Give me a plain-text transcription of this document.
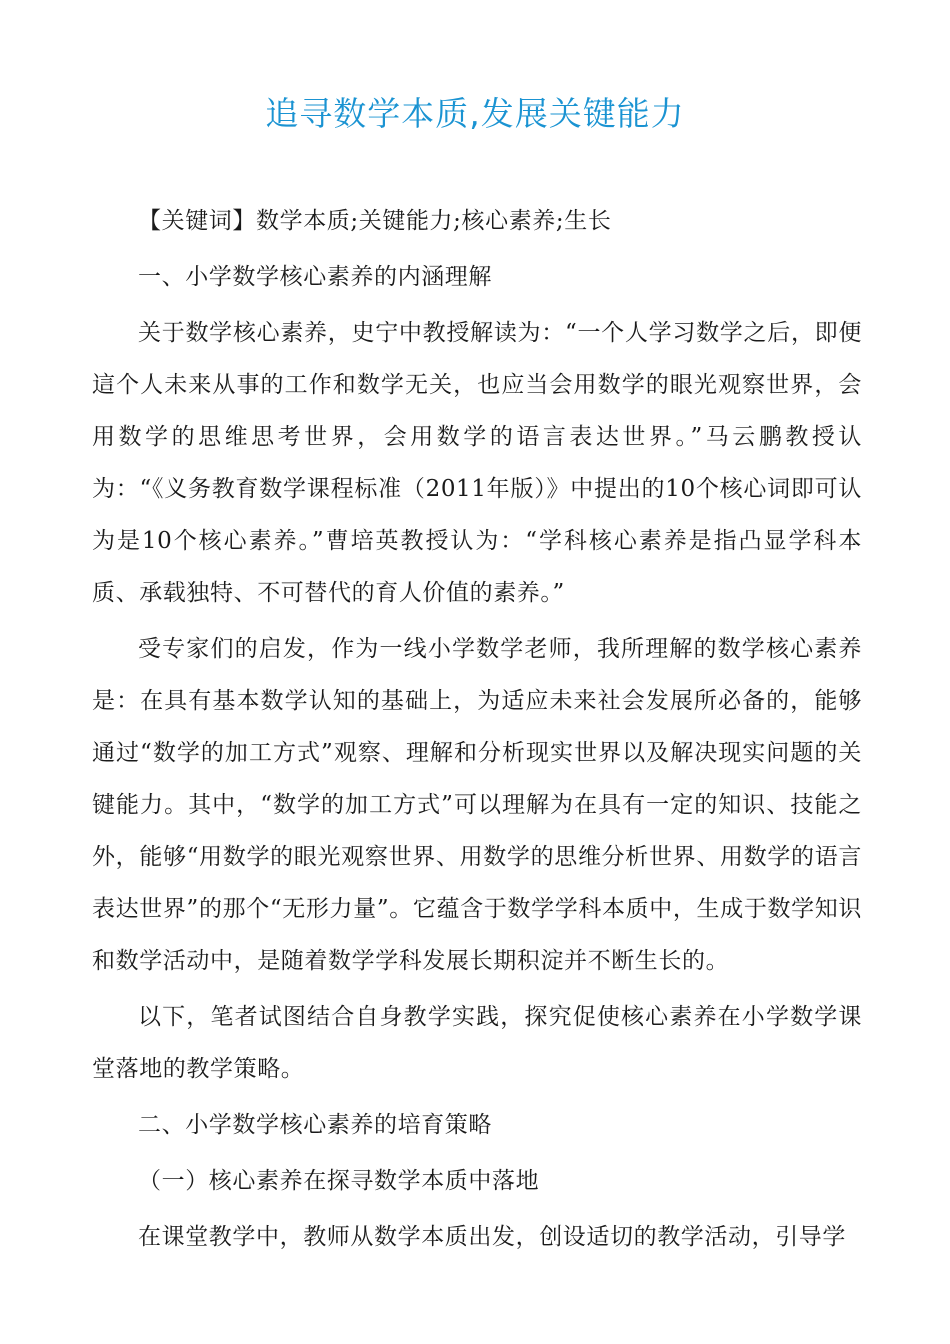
追寻数学本质,发展关键能力

【关键词】数学本质;关键能力;核心素养;生长

一、小学数学核心素养的内涵理解

关于数学核心素养，史宁中教授解读为：“一个人学习数学之后，即便這个人未来从事的工作和数学无关，也应当会用数学的眼光观察世界，会用数学的思维思考世界，会用数学的语言表达世界。”马云鹏教授认为：“《义务教育数学课程标准（2011年版）》中提出的10个核心词即可认为是10个核心素养。”曹培英教授认为：“学科核心素养是指凸显学科本质、承载独特、不可替代的育人价值的素养。”

受专家们的启发，作为一线小学数学老师，我所理解的数学核心素养是：在具有基本数学认知的基础上，为适应未来社会发展所必备的，能够通过“数学的加工方式”观察、理解和分析现实世界以及解决现实问题的关键能力。其中，“数学的加工方式”可以理解为在具有一定的知识、技能之外，能够“用数学的眼光观察世界、用数学的思维分析世界、用数学的语言表达世界”的那个“无形力量”。它蕴含于数学学科本质中，生成于数学知识和数学活动中，是随着数学学科发展长期积淀并不断生长的。

以下，笔者试图结合自身教学实践，探究促使核心素养在小学数学课堂落地的教学策略。

二、小学数学核心素养的培育策略

（一）核心素养在探寻数学本质中落地

在课堂教学中，教师从数学本质出发，创设适切的教学活动，引导学
